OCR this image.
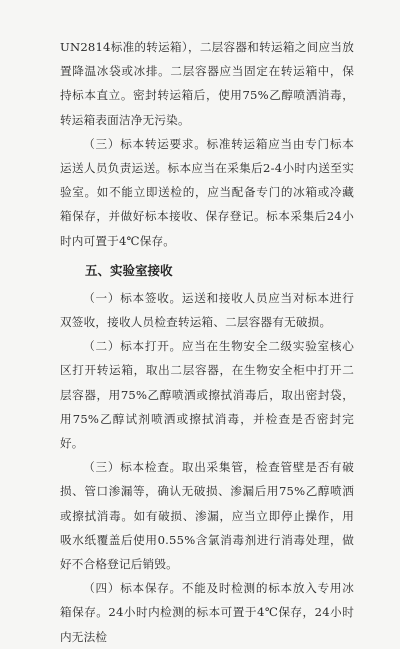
UN2814标准的转运箱），二层容器和转运箱之间应当放置降温冰袋或冰排。二层容器应当固定在转运箱中，保持标本直立。密封转运箱后，使用75%乙醇喷洒消毒，转运箱表面洁净无污染。

（三）标本转运要求。标准转运箱应当由专门标本运送人员负责运送。标本应当在采集后2-4小时内送至实验室。如不能立即送检的，应当配备专门的冰箱或冷藏箱保存，并做好标本接收、保存登记。标本采集后24小时内可置于4℃保存。

五、实验室接收

（一）标本签收。运送和接收人员应当对标本进行双签收，接收人员检查转运箱、二层容器有无破损。

（二）标本打开。应当在生物安全二级实验室核心区打开转运箱，取出二层容器，在生物安全柜中打开二层容器，用75%乙醇喷洒或擦拭消毒后，取出密封袋，用75%乙醇试剂喷洒或擦拭消毒，并检查是否密封完好。

（三）标本检查。取出采集管，检查管壁是否有破损、管口渗漏等，确认无破损、渗漏后用75%乙醇喷洒或擦拭消毒。如有破损、渗漏，应当立即停止操作，用吸水纸覆盖后使用0.55%含氯消毒剂进行消毒处理，做好不合格登记后销毁。

（四）标本保存。不能及时检测的标本放入专用冰箱保存。24小时内检测的标本可置于4℃保存，24小时内无法检
